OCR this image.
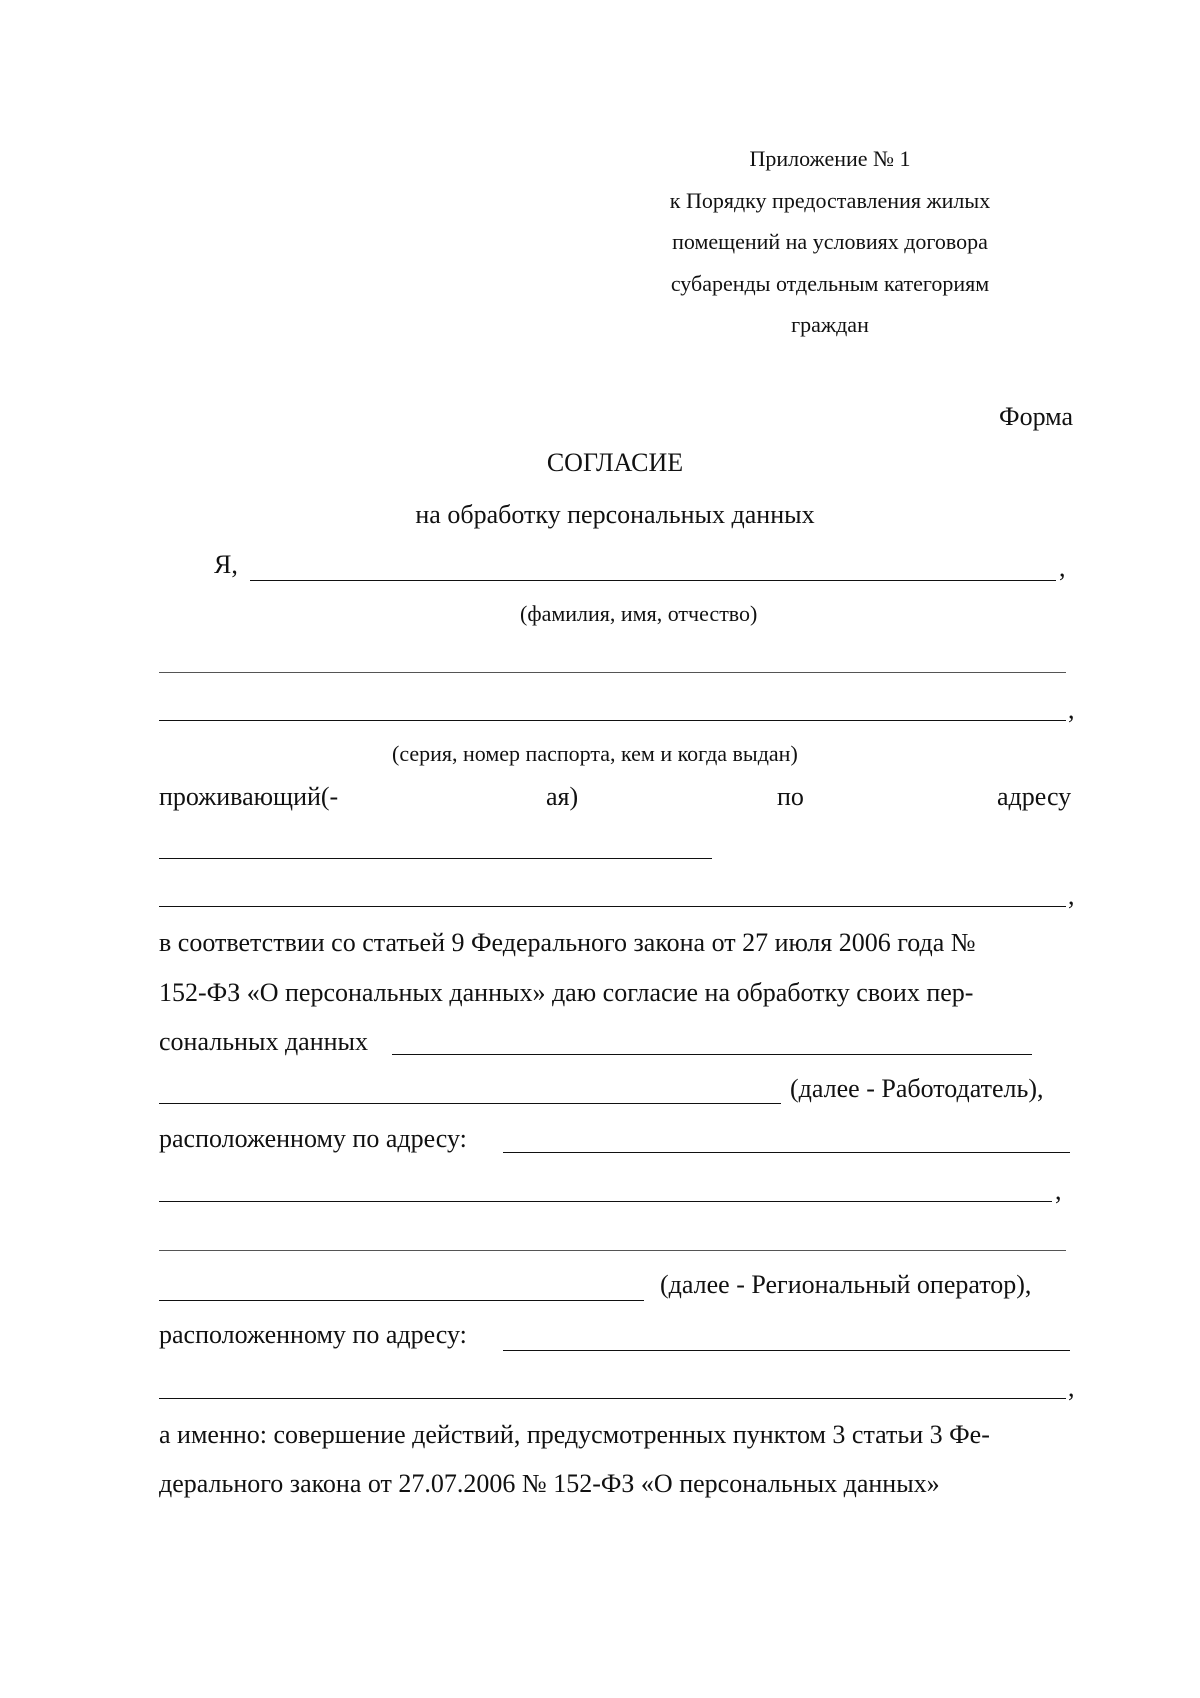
Приложение № 1
к Порядку предоставления жилых
помещений на условиях договора
субаренды отдельным категориям
граждан
Форма
СОГЛАСИЕ
на обработку персональных данных
Я,	,
(фамилия, имя, отчество)
,
(серия, номер паспорта, кем и когда выдан)
проживающий(-	ая)	по	адресу
,
в соответствии со статьей 9 Федерального закона от 27 июля 2006 года №
152-ФЗ «О персональных данных» даю согласие на обработку своих пер-
сональных данных
(далее - Работодатель),
расположенному по адресу:
,
(далее - Региональный оператор),
расположенному по адресу:
,
а именно: совершение действий, предусмотренных пунктом 3 статьи 3 Фе-
дерального закона от 27.07.2006 № 152-ФЗ «О персональных данных»
